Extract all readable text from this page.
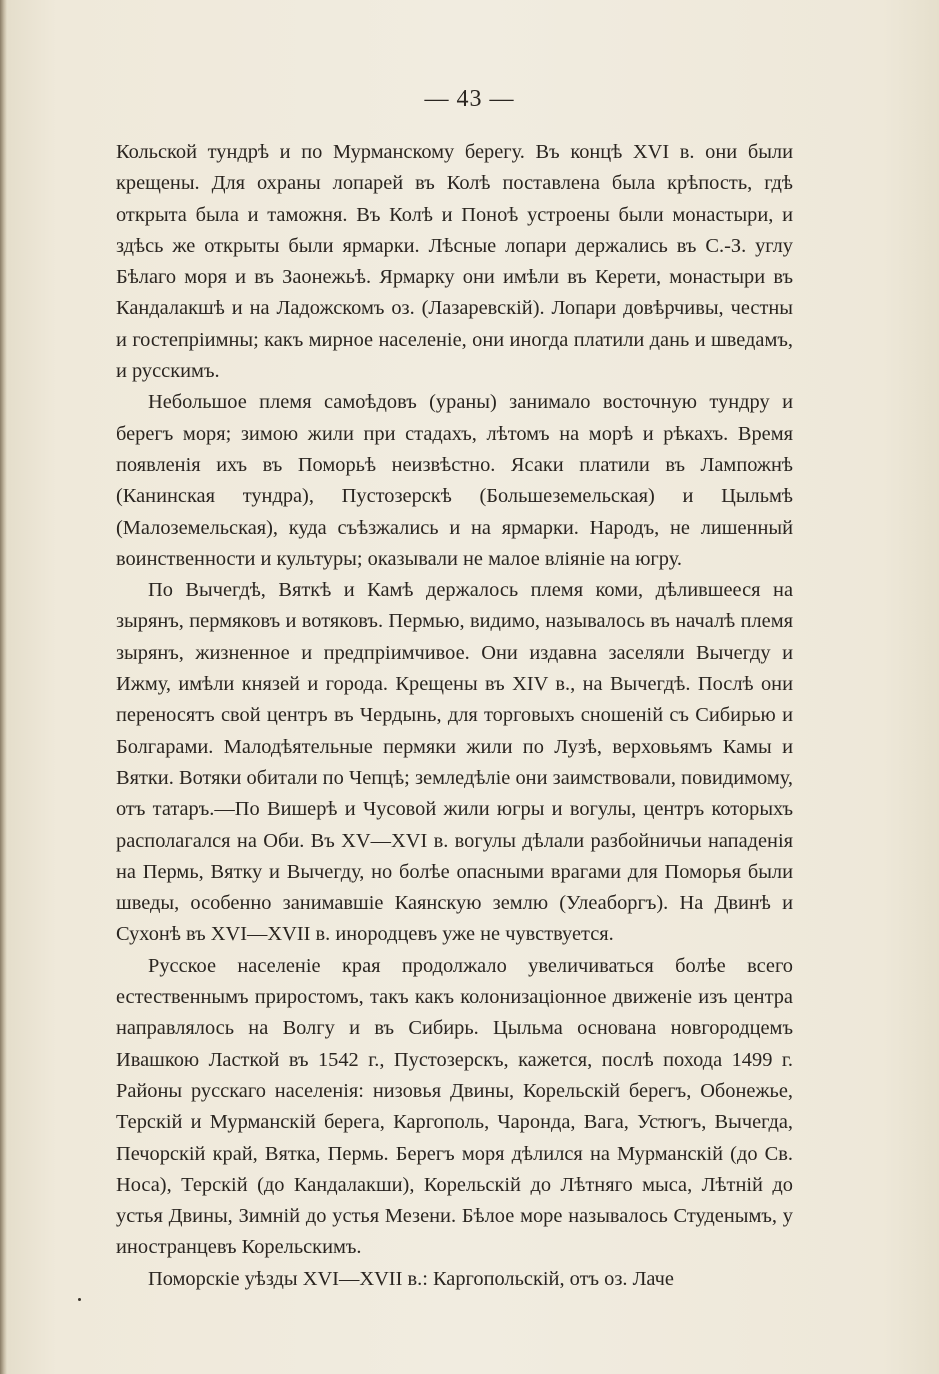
— 43 —

Кольской тундрѣ и по Мурманскому берегу. Въ концѣ XVI в. они были крещены. Для охраны лопарей въ Колѣ поставлена была крѣпость, гдѣ открыта была и таможня. Въ Колѣ и Поноѣ устроены были монастыри, и здѣсь же открыты были ярмарки. Лѣсные лопари держались въ С.-З. углу Бѣлаго моря и въ Заонежьѣ. Ярмарку они имѣли въ Керети, монастыри въ Кандалакшѣ и на Ладожскомъ оз. (Лазаревскій). Лопари довѣрчивы, честны и гостепріимны; какъ мирное населеніе, они иногда платили дань и шведамъ, и русскимъ.

Небольшое племя самоѣдовъ (ураны) занимало восточную тундру и берегъ моря; зимою жили при стадахъ, лѣтомъ на морѣ и рѣкахъ. Время появленія ихъ въ Поморьѣ неизвѣстно. Ясаки платили въ Лампожнѣ (Канинская тундра), Пустозерскѣ (Большеземельская) и Цыльмѣ (Малоземельская), куда съѣзжались и на ярмарки. Народъ, не лишенный воинственности и культуры; оказывали не малое вліяніе на югру.

По Вычегдѣ, Вяткѣ и Камѣ держалось племя коми, дѣлившееся на зырянъ, пермяковъ и вотяковъ. Пермью, видимо, называлось въ началѣ племя зырянъ, жизненное и предпріимчивое. Они издавна заселяли Вычегду и Ижму, имѣли князей и города. Крещены въ XIV в., на Вычегдѣ. Послѣ они переносятъ свой центръ въ Чердынь, для торговыхъ сношеній съ Сибирью и Болгарами. Малодѣятельные пермяки жили по Лузѣ, верховьямъ Камы и Вятки. Вотяки обитали по Чепцѣ; земледѣліе они заимствовали, повидимому, отъ татаръ.—По Вишерѣ и Чусовой жили югры и вогулы, центръ которыхъ располагался на Оби. Въ XV—XVI в. вогулы дѣлали разбойничьи нападенія на Пермь, Вятку и Вычегду, но болѣе опасными врагами для Поморья были шведы, особенно занимавшіе Каянскую землю (Улеаборгъ). На Двинѣ и Сухонѣ въ XVI—XVII в. инородцевъ уже не чувствуется.

Русское населеніе края продолжало увеличиваться болѣе всего естественнымъ приростомъ, такъ какъ колонизаціонное движеніе изъ центра направлялось на Волгу и въ Сибирь. Цыльма основана новгородцемъ Ивашкою Ласткой въ 1542 г., Пустозерскъ, кажется, послѣ похода 1499 г. Районы русскаго населенія: низовья Двины, Корельскій берегъ, Обонежье, Терскій и Мурманскій берега, Каргополь, Чаронда, Вага, Устюгъ, Вычегда, Печорскій край, Вятка, Пермь. Берегъ моря дѣлился на Мурманскій (до Св. Носа), Терскій (до Кандалакши), Корельскій до Лѣтняго мыса, Лѣтній до устья Двины, Зимній до устья Мезени. Бѣлое море называлось Студенымъ, у иностранцевъ Корельскимъ.

Поморскіе уѣзды XVI—XVII в.: Каргопольскій, отъ оз. Лаче
